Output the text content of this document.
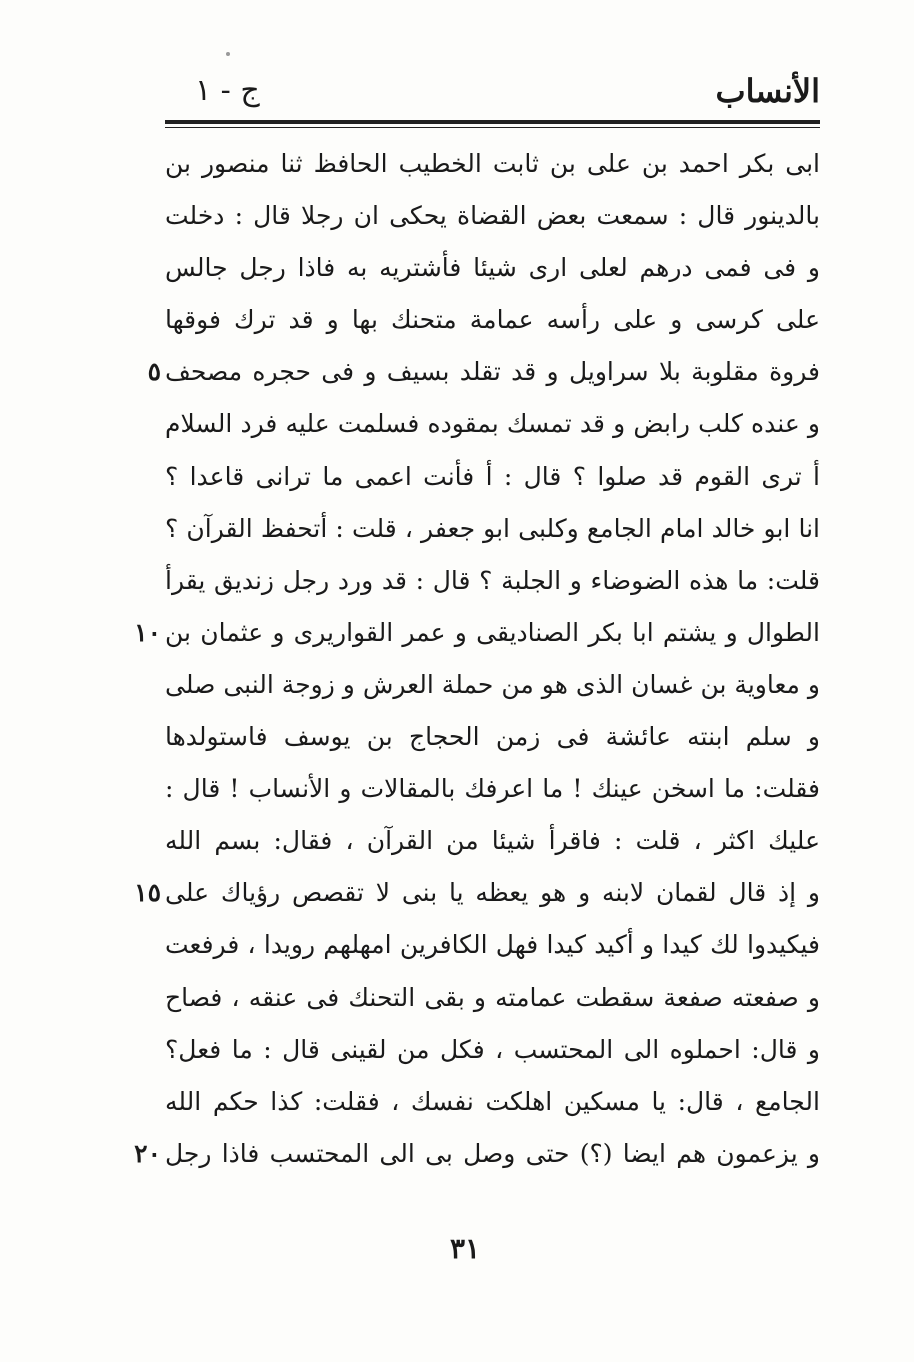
الأنساب
ج - ١
ابى بكر احمد بن على بن ثابت الخطيب الحافظ ثنا منصور بن
بالدينور قال : سمعت بعض القضاة يحكى ان رجلا قال : دخلت
و فى فمى درهم لعلى ارى شيئا فأشتريه به فاذا رجل جالس
على كرسى و على رأسه عمامة متحنك بها و قد ترك فوقها
فروة مقلوبة بلا سراويل و قد تقلد بسيف و فى حجره مصحف
٥
و عنده كلب رابض و قد تمسك بمقوده فسلمت عليه فرد السلام
أ ترى القوم قد صلوا ؟ قال : أ فأنت اعمى ما ترانى قاعدا ؟
انا ابو خالد امام الجامع وكلبى ابو جعفر ، قلت : أتحفظ القرآن ؟
قلت: ما هذه الضوضاء و الجلبة ؟ قال : قد ورد رجل زنديق يقرأ
الطوال و يشتم ابا بكر الصناديقى و عمر القواريرى و عثمان بن
١٠
و معاوية بن غسان الذى هو من حملة العرش و زوجة النبى صلى
و سلم ابنته عائشة فى زمن الحجاج بن يوسف فاستولدها
فقلت: ما اسخن عينك ! ما اعرفك بالمقالات و الأنساب ! قال :
عليك اكثر ، قلت : فاقرأ شيئا من القرآن ، فقال: بسم الله
و إذ قال لقمان لابنه و هو يعظه يا بنى لا تقصص رؤياك على
١٥
فيكيدوا لك كيدا و أكيد كيدا فهل الكافرين امهلهم رويدا ، فرفعت
و صفعته صفعة سقطت عمامته و بقى التحنك فى عنقه ، فصاح
و قال: احملوه الى المحتسب ، فكل من لقينى قال : ما فعل؟
الجامع ، قال: يا مسكين اهلكت نفسك ، فقلت: كذا حكم الله
و يزعمون هم ايضا (؟) حتى وصل بى الى المحتسب فاذا رجل
٢٠
٣١
